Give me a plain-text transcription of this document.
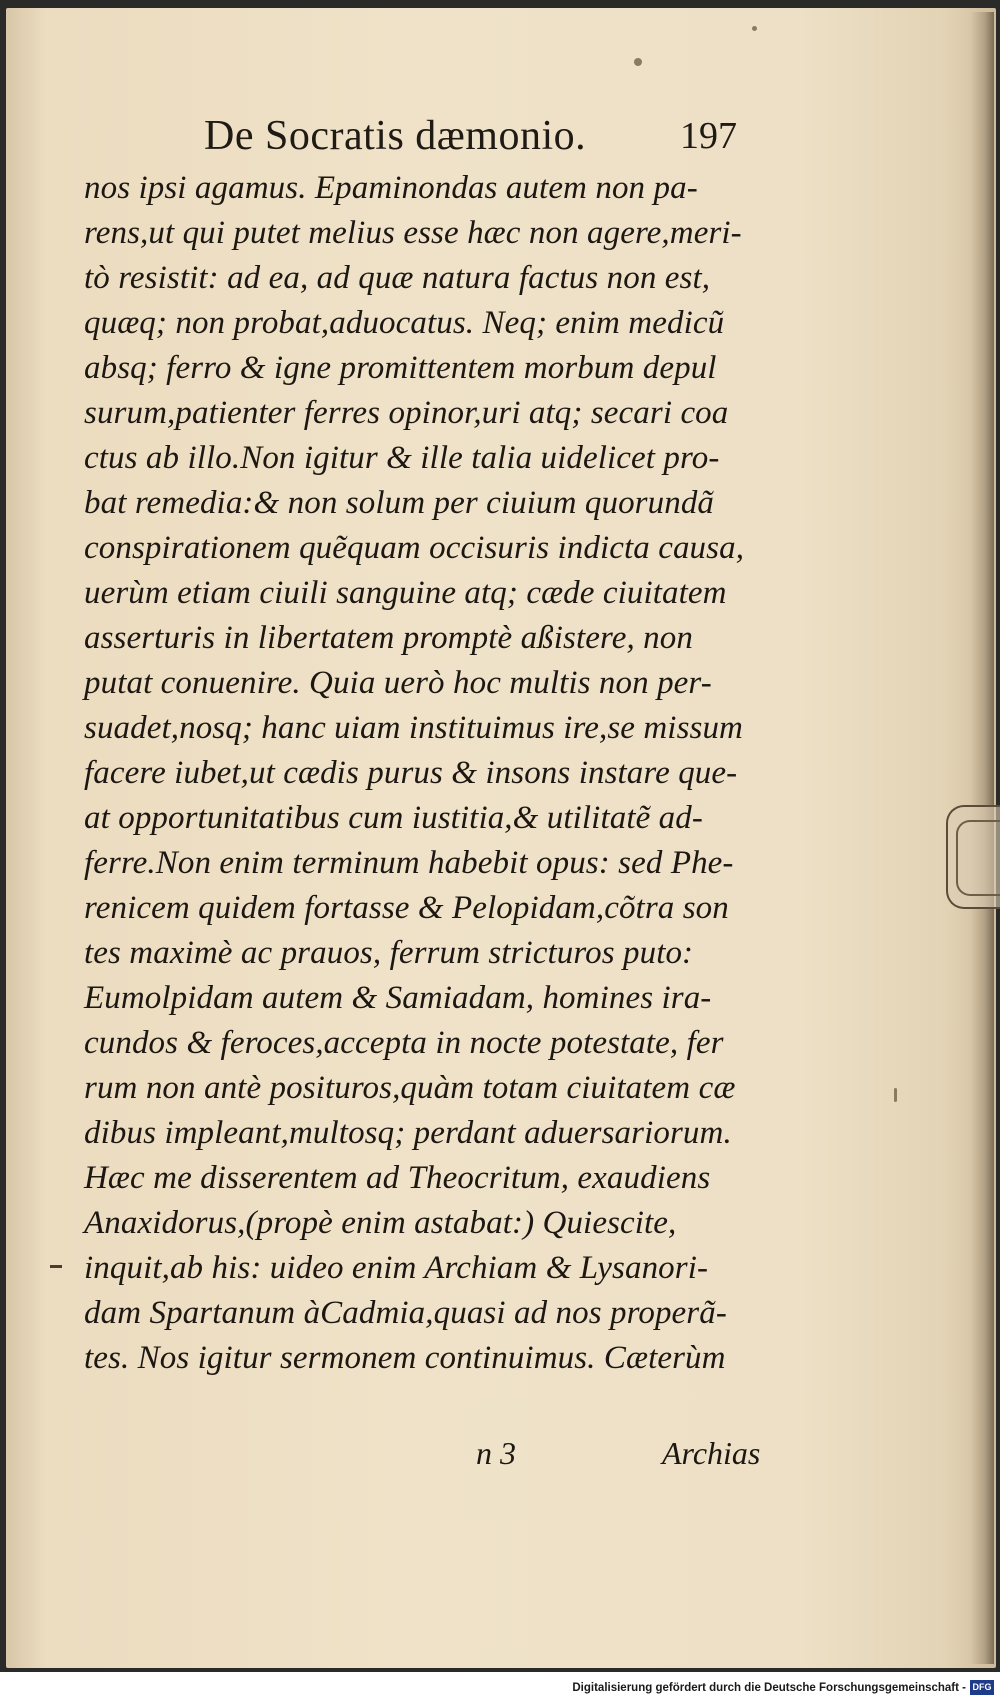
De Socratis dæmonio. 197
nos ipsi agamus. Epaminondas autem non pa-
rens,ut qui putet melius esse hæc non agere,meri-
tò resistit: ad ea, ad quæ natura factus non est,
quæq; non probat,aduocatus. Neq; enim medicũ
absq; ferro & igne promittentem morbum depul
surum,patienter ferres opinor,uri atq; secari coa
ctus ab illo.Non igitur & ille talia uidelicet pro-
bat remedia:& non solum per ciuium quorundã
conspirationem quẽquam occisuris indicta causa,
uerùm etiam ciuili sanguine atq; cæde ciuitatem
asserturis in libertatem promptè aßistere, non
putat conuenire. Quia uerò hoc multis non per-
suadet,nosq; hanc uiam instituimus ire,se missum
facere iubet,ut cædis purus & insons instare que-
at opportunitatibus cum iustitia,& utilitatẽ ad-
ferre.Non enim terminum habebit opus: sed Phe-
renicem quidem fortasse & Pelopidam,cõtra son
tes maximè ac prauos, ferrum stricturos puto:
Eumolpidam autem & Samiadam, homines ira-
cundos & feroces,accepta in nocte potestate, fer
rum non antè posituros,quàm totam ciuitatem cæ
dibus impleant,multosq; perdant aduersariorum.
Hæc me disserentem ad Theocritum, exaudiens
Anaxidorus,(propè enim astabat:) Quiescite,
inquit,ab his: uideo enim Archiam & Lysanori-
dam Spartanum àCadmia,quasi ad nos properã-
tes. Nos igitur sermonem continuimus. Cæterùm
n 3	Archias
Digitalisierung gefördert durch die Deutsche Forschungsgemeinschaft - DFG
